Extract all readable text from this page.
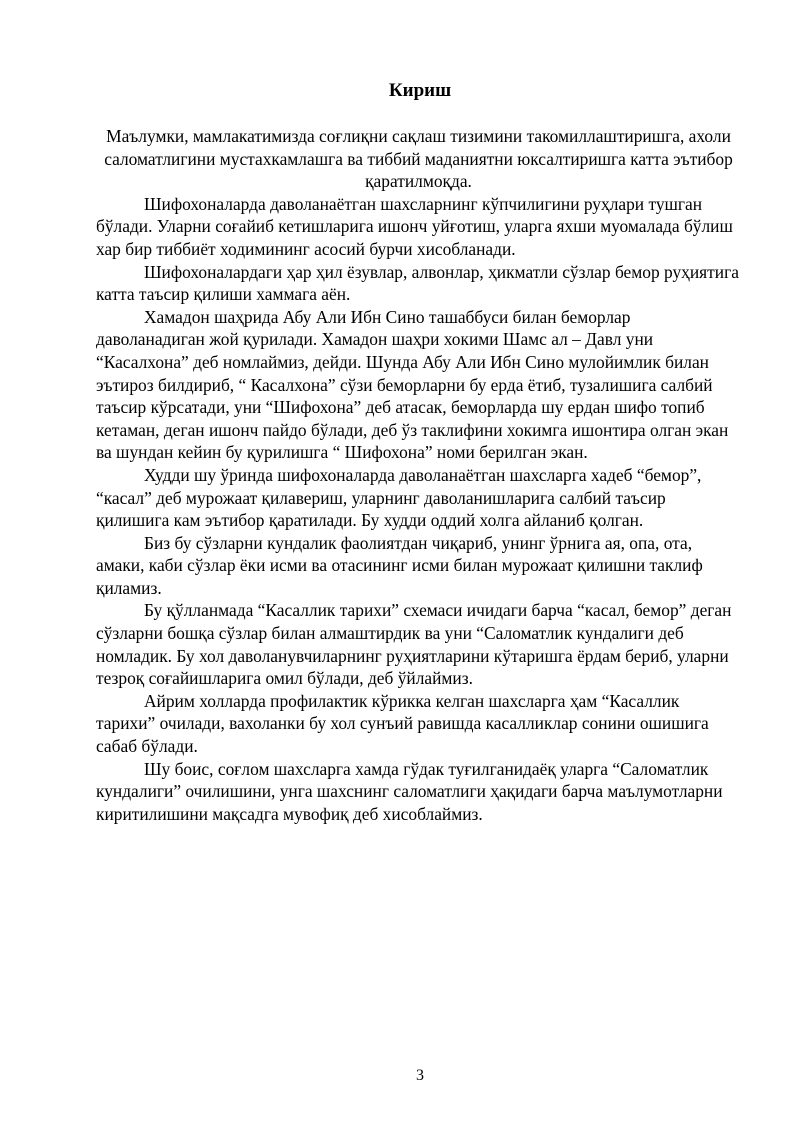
Кириш

Маълумки, мамлакатимизда соғлиқни сақлаш тизимини такомиллаштиришга, ахоли саломатлигини мустахкамлашга ва тиббий маданиятни юксалтиришга катта эътибор қаратилмоқда.

Шифохоналарда даволанаётган шахсларнинг кўпчилигини руҳлари тушган бўлади. Уларни соғайиб кетишларига ишонч уйғотиш, уларга яхши муомалада бўлиш хар бир тиббиёт ходимининг асосий бурчи хисобланади.

Шифохоналардаги ҳар ҳил ёзувлар, алвонлар, ҳикматли сўзлар бемор руҳиятига катта таъсир қилиши хаммага аён.

Хамадон шаҳрида Абу Али Ибн Сино ташаббуси билан беморлар даволанадиган жой қурилади. Хамадон шаҳри хокими Шамс ал – Давл уни “Касалхона” деб номлаймиз, дейди. Шунда Абу Али Ибн Сино мулойимлик билан эътироз билдириб, “ Касалхона” сўзи беморларни бу ерда ётиб, тузалишига салбий таъсир кўрсатади, уни “Шифохона” деб атасак, беморларда шу ердан шифо топиб кетаман, деган ишонч пайдо бўлади, деб ўз таклифини хокимга ишонтира олган экан ва шундан кейин бу қурилишга “ Шифохона” номи берилган экан.

Худди шу ўринда шифохоналарда даволанаётган шахсларга хадеб “бемор”, “касал” деб мурожаат қилавериш, уларнинг даволанишларига салбий таъсир қилишига кам эътибор қаратилади. Бу худди оддий холга айланиб қолган.

Биз бу сўзларни кундалик фаолиятдан чиқариб, унинг ўрнига ая, опа, ота, амаки, каби сўзлар ёки исми ва отасининг исми билан мурожаат қилишни таклиф қиламиз.

Бу қўлланмада “Касаллик тарихи” схемаси ичидаги барча “касал, бемор” деган сўзларни бошқа сўзлар билан алмаштирдик ва уни “Саломатлик кундалиги деб номладик. Бу хол даволанувчиларнинг руҳиятларини кўтаришга ёрдам бериб, уларни тезроқ соғайишларига омил бўлади, деб ўйлаймиз.

Айрим холларда профилактик кўрикка келган шахсларга ҳам “Касаллик тарихи” очилади, вахоланки бу хол сунъий равишда касалликлар сонини ошишига сабаб бўлади.

Шу боис, соғлом шахсларга хамда гўдак туғилганидаёқ уларга “Саломатлик кундалиги” очилишини, унга шахснинг саломатлиги ҳақидаги барча маълумотларни киритилишини мақсадга мувофиқ деб хисоблаймиз.

3
